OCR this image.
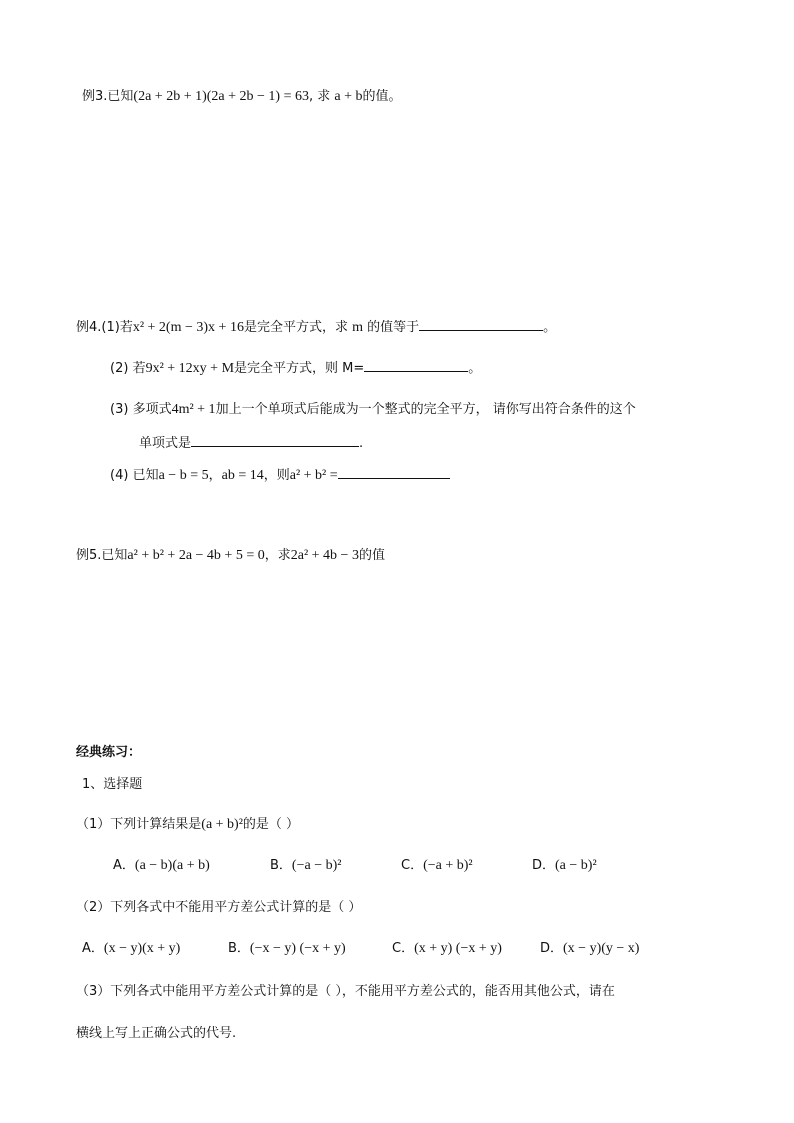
例3.已知(2a + 2b + 1)(2a + 2b − 1) = 63, 求 a + b的值。
例4.(1)若x² + 2(m − 3)x + 16是完全平方式，求 m 的值等于	。
(2) 若9x² + 12xy + M是完全平方式，则 M=	。
(3) 多项式4m² + 1加上一个单项式后能成为一个整式的完全平方， 请你写出符合条件的这个
单项式是	.
(4) 已知a − b = 5，ab = 14，则a² + b² =
例5.已知a² + b² + 2a − 4b + 5 = 0，求2a² + 4b − 3的值
经典练习：
1、选择题
（1）下列计算结果是(a + b)²的是（ ）
A．(a − b)(a + b)	B．(−a − b)²	C．(−a + b)²	D．(a − b)²
（2）下列各式中不能用平方差公式计算的是（ ）
A．(x − y)(x + y)	B．(−x − y) (−x + y)	C．(x + y) (−x + y)	D．(x − y)(y − x)
（3）下列各式中能用平方差公式计算的是（ ），不能用平方差公式的，能否用其他公式，请在
横线上写上正确公式的代号.
